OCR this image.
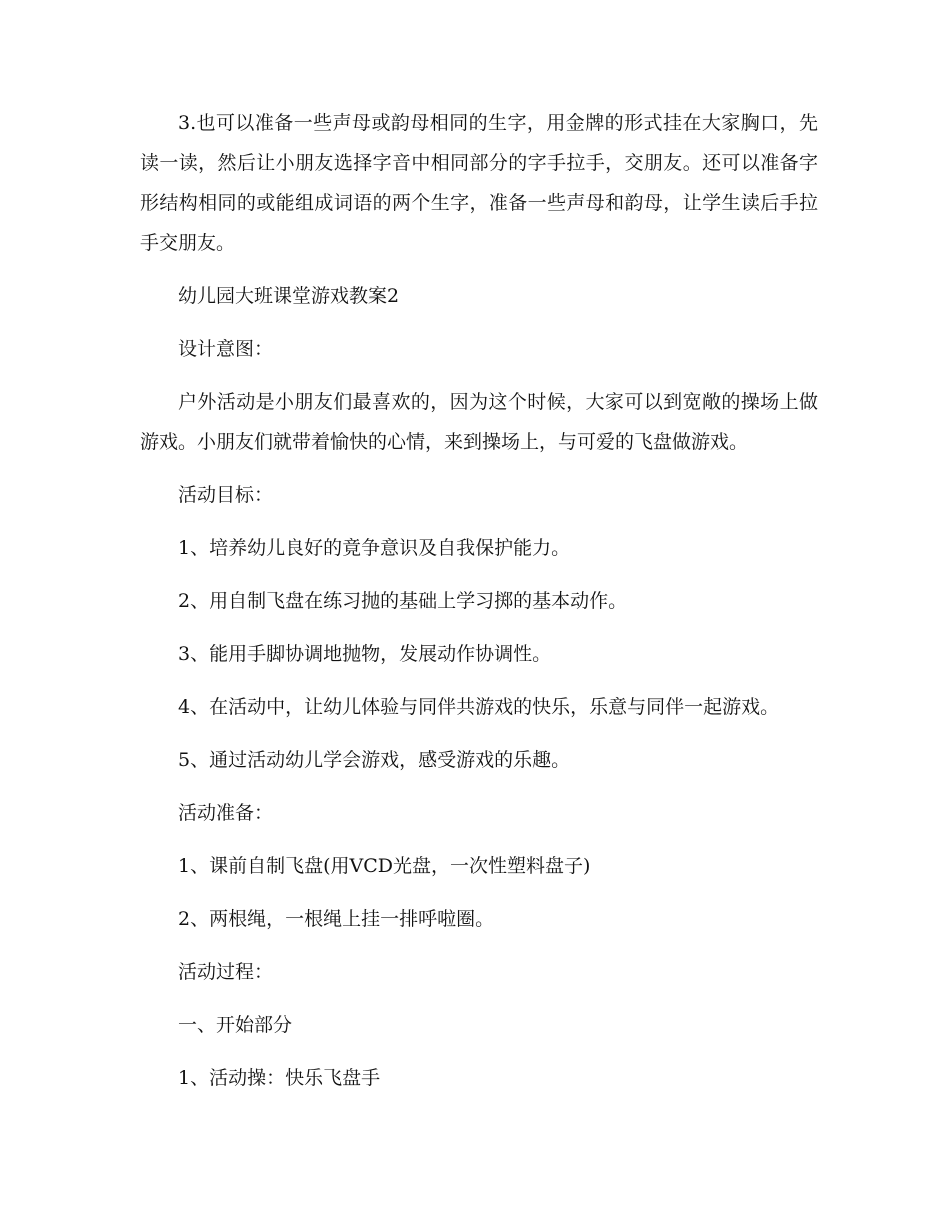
3.也可以准备一些声母或韵母相同的生字，用金牌的形式挂在大家胸口，先读一读，然后让小朋友选择字音中相同部分的字手拉手，交朋友。还可以准备字形结构相同的或能组成词语的两个生字，准备一些声母和韵母，让学生读后手拉手交朋友。

幼儿园大班课堂游戏教案2

设计意图：

户外活动是小朋友们最喜欢的，因为这个时候，大家可以到宽敞的操场上做游戏。小朋友们就带着愉快的心情，来到操场上，与可爱的飞盘做游戏。

活动目标：

1、培养幼儿良好的竟争意识及自我保护能力。

2、用自制飞盘在练习抛的基础上学习掷的基本动作。

3、能用手脚协调地抛物，发展动作协调性。

4、在活动中，让幼儿体验与同伴共游戏的快乐，乐意与同伴一起游戏。

5、通过活动幼儿学会游戏，感受游戏的乐趣。

活动准备：

1、课前自制飞盘(用VCD光盘，一次性塑料盘子)

2、两根绳，一根绳上挂一排呼啦圈。

活动过程：

一、开始部分

1、活动操：快乐飞盘手
